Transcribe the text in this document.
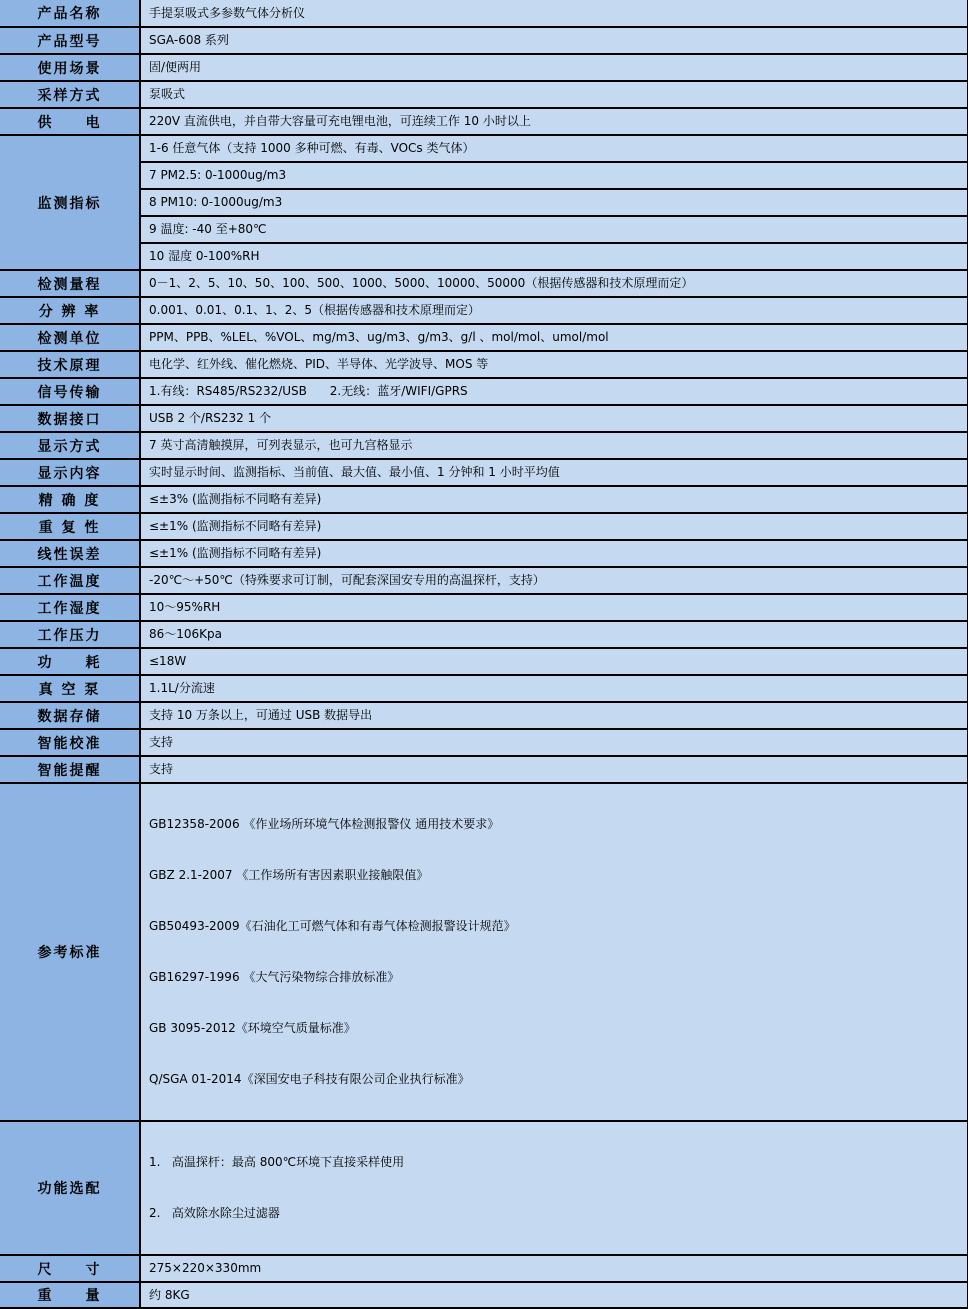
产品名称	手提泵吸式多参数气体分析仪
产品型号	SGA-608 系列
使用场景	固/便两用
采样方式	泵吸式
供　　电	220V 直流供电，并自带大容量可充电锂电池，可连续工作 10 小时以上
监测指标	1-6 任意气体（支持 1000 多种可燃、有毒、VOCs 类气体）
	7 PM2.5: 0-1000ug/m3
	8 PM10: 0-1000ug/m3
	9 温度: -40 至+80℃
	10 湿度 0-100%RH
检测量程	0－1、2、5、10、50、100、500、1000、5000、10000、50000（根据传感器和技术原理而定）
分 辨 率	0.001、0.01、0.1、1、2、5（根据传感器和技术原理而定）
检测单位	PPM、PPB、%LEL、%VOL、mg/m3、ug/m3、g/m3、g/l 、mol/mol、umol/mol
技术原理	电化学、红外线、催化燃烧、PID、半导体、光学波导、MOS 等
信号传输	1.有线：RS485/RS232/USB      2.无线：蓝牙/WIFI/GPRS
数据接口	USB 2 个/RS232 1 个
显示方式	7 英寸高清触摸屏，可列表显示，也可九宫格显示
显示内容	实时显示时间、监测指标、当前值、最大值、最小值、1 分钟和 1 小时平均值
精 确 度	≤±3% (监测指标不同略有差异)
重 复 性	≤±1% (监测指标不同略有差异)
线性误差	≤±1% (监测指标不同略有差异)
工作温度	-20℃～+50℃（特殊要求可订制，可配套深国安专用的高温探杆，支持）
工作湿度	10～95%RH
工作压力	86～106Kpa
功　　耗	≤18W
真 空 泵	1.1L/分流速
数据存储	支持 10 万条以上，可通过 USB 数据导出
智能校准	支持
智能提醒	支持
参考标准	

GB12358-2006 《作业场所环境气体检测报警仪 通用技术要求》

GBZ 2.1-2007 《工作场所有害因素职业接触限值》

GB50493-2009《石油化工可燃气体和有毒气体检测报警设计规范》

GB16297-1996 《大气污染物综合排放标准》

GB 3095-2012《环境空气质量标准》

Q/SGA 01-2014《深国安电子科技有限公司企业执行标准》

功能选配	1.   高温探杆：最高 800℃环境下直接采样使用

2.   高效除水除尘过滤器

尺　　寸	275×220×330mm
重　　量	约 8KG
